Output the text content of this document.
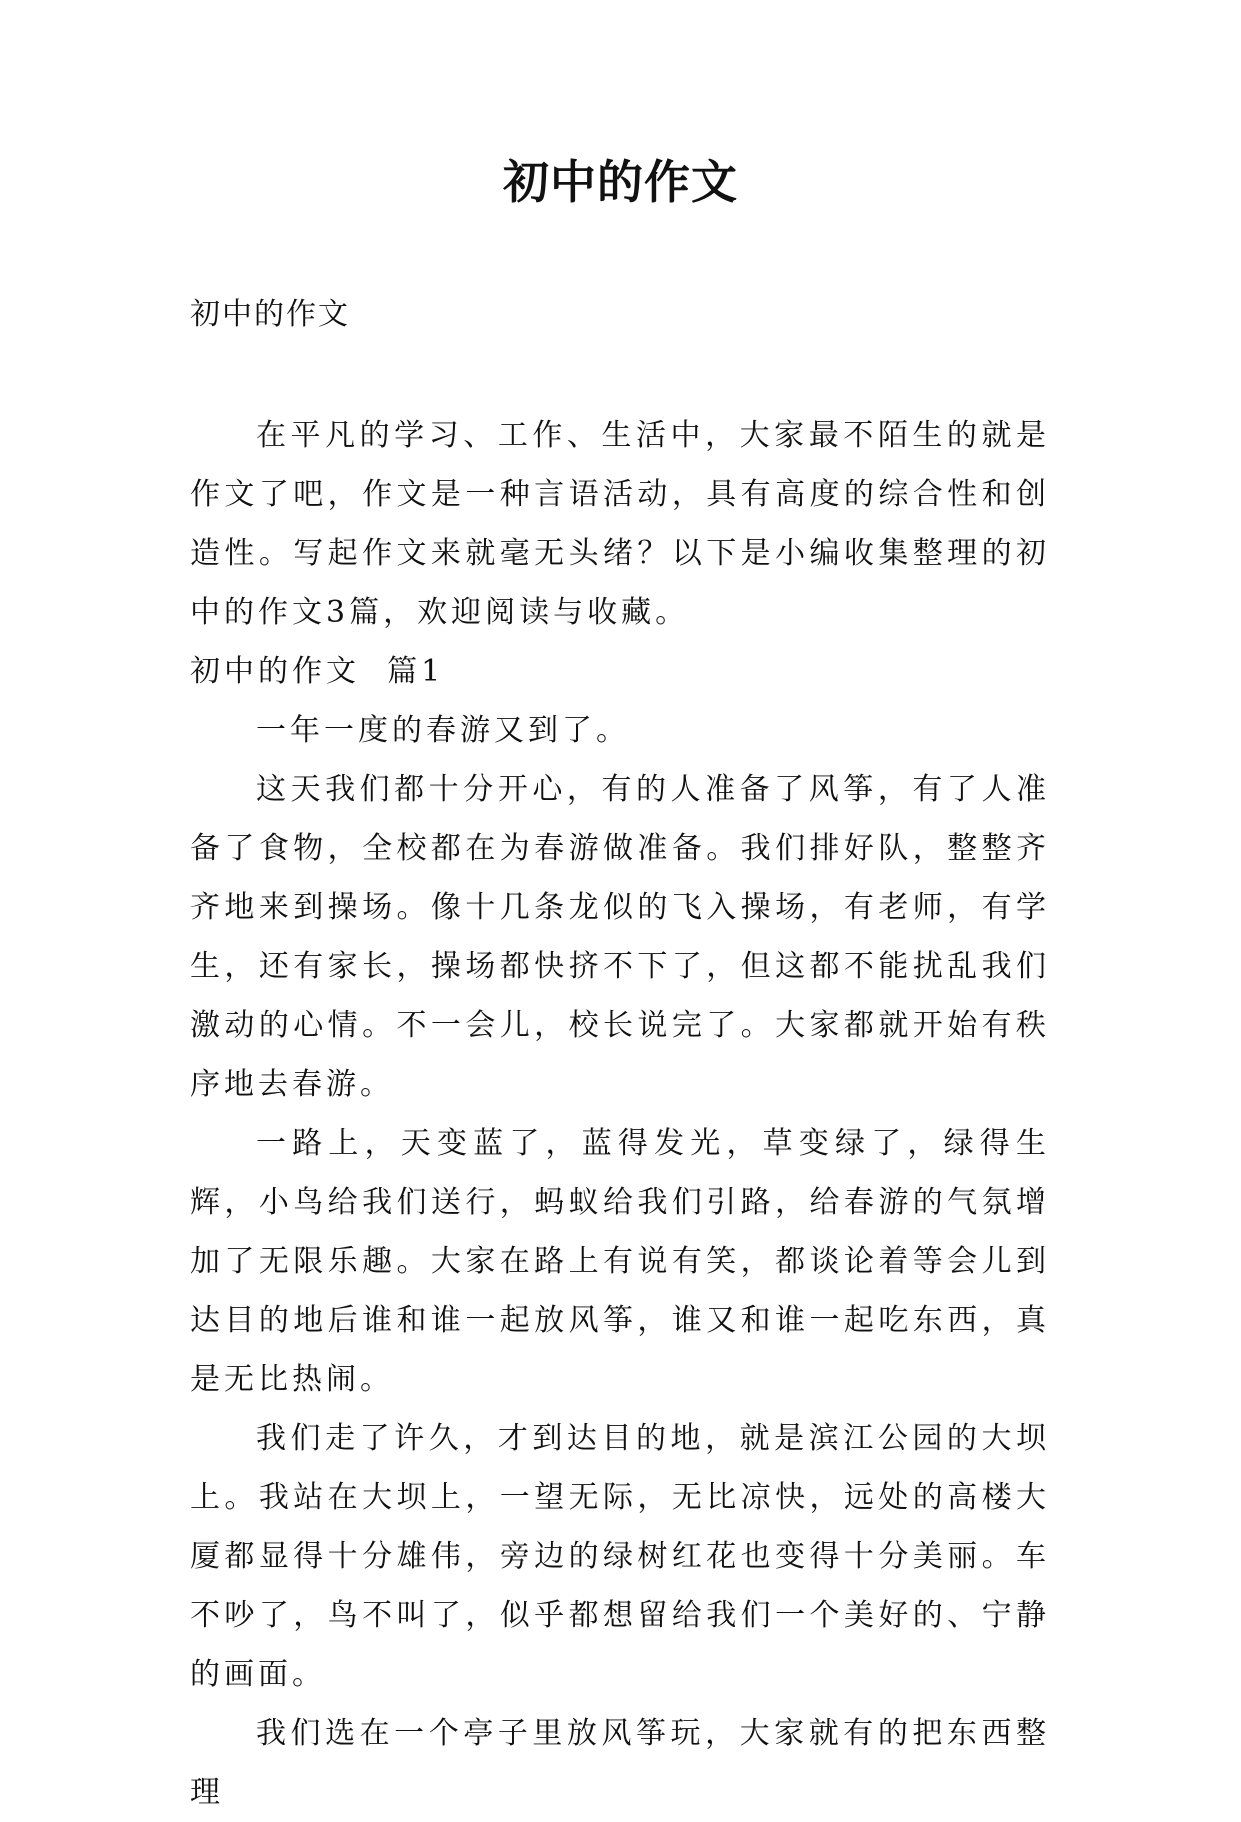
初中的作文
初中的作文

在平凡的学习、工作、生活中，大家最不陌生的就是作文了吧，作文是一种言语活动，具有高度的综合性和创造性。写起作文来就毫无头绪？以下是小编收集整理的初中的作文3篇，欢迎阅读与收藏。

初中的作文  篇1

一年一度的春游又到了。

这天我们都十分开心，有的人准备了风筝，有了人准备了食物，全校都在为春游做准备。我们排好队，整整齐齐地来到操场。像十几条龙似的飞入操场，有老师，有学生，还有家长，操场都快挤不下了，但这都不能扰乱我们激动的心情。不一会儿，校长说完了。大家都就开始有秩序地去春游。

一路上，天变蓝了，蓝得发光，草变绿了，绿得生辉，小鸟给我们送行，蚂蚁给我们引路，给春游的气氛增加了无限乐趣。大家在路上有说有笑，都谈论着等会儿到达目的地后谁和谁一起放风筝，谁又和谁一起吃东西，真是无比热闹。

我们走了许久，才到达目的地，就是滨江公园的大坝上。我站在大坝上，一望无际，无比凉快，远处的高楼大厦都显得十分雄伟，旁边的绿树红花也变得十分美丽。车不吵了，鸟不叫了，似乎都想留给我们一个美好的、宁静的画面。

我们选在一个亭子里放风筝玩，大家就有的把东西整理
